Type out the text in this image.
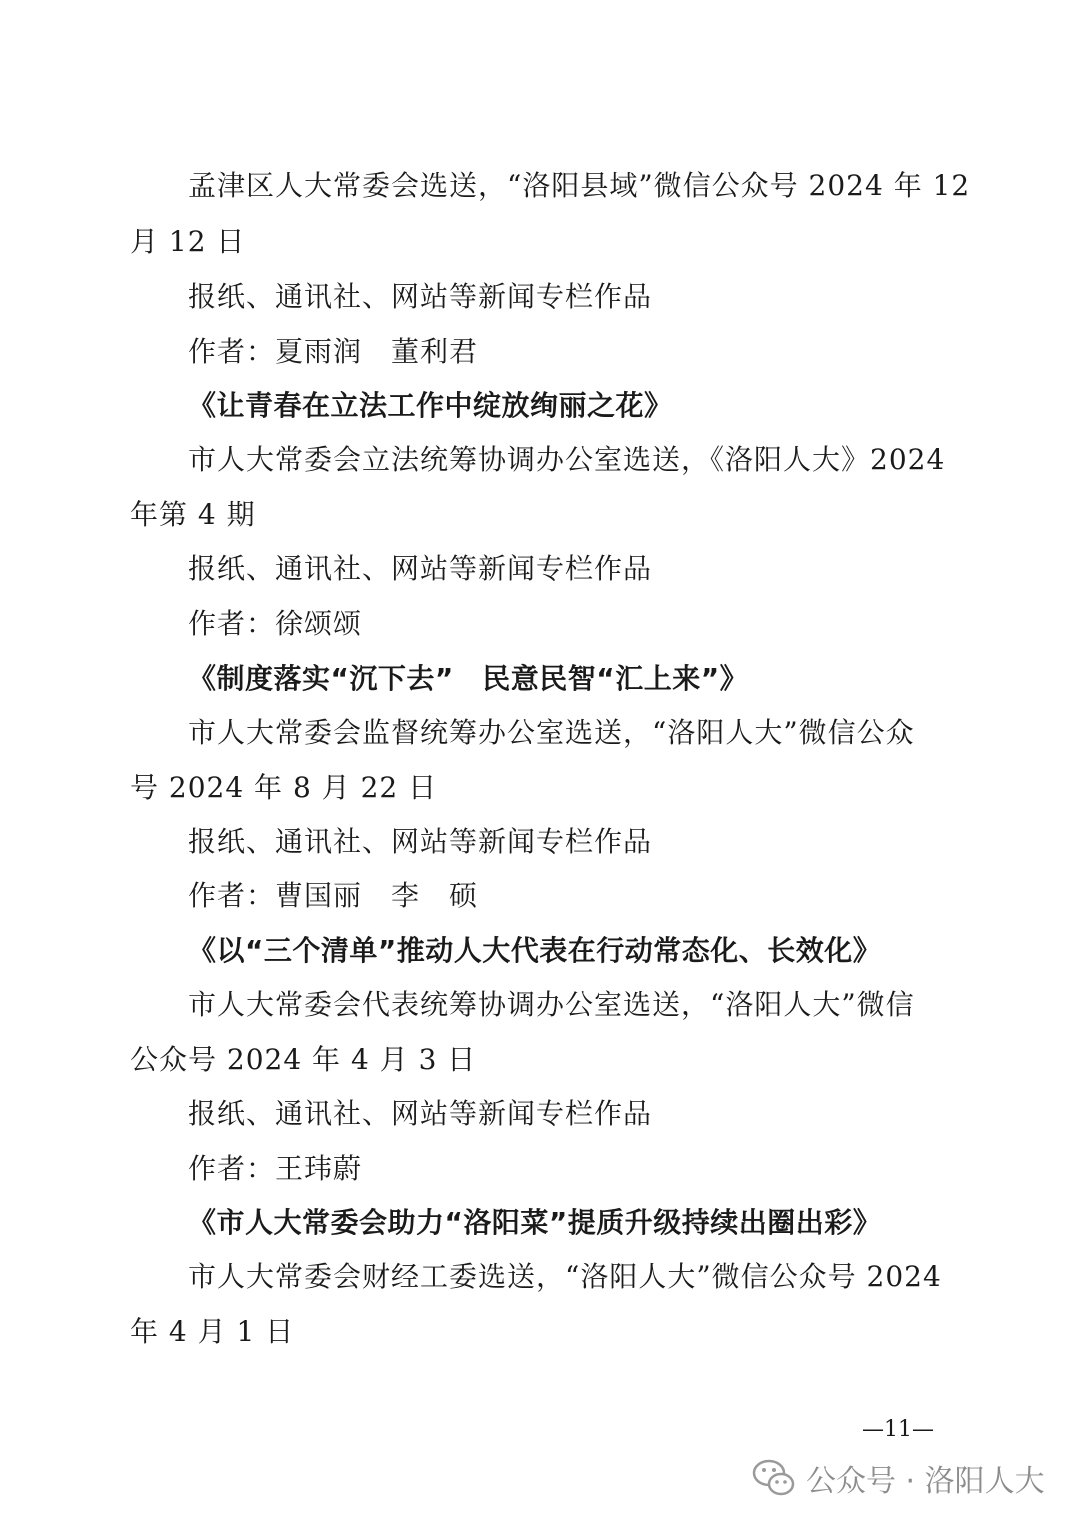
孟津区人大常委会选送，“洛阳县域”微信公众号 2024 年 12
月 12 日
报纸、通讯社、网站等新闻专栏作品
作者：夏雨润　董利君
《让青春在立法工作中绽放绚丽之花》
市人大常委会立法统筹协调办公室选送，《洛阳人大》2024
年第 4 期
报纸、通讯社、网站等新闻专栏作品
作者：徐颂颂
《制度落实“沉下去”　民意民智“汇上来”》
市人大常委会监督统筹办公室选送，“洛阳人大”微信公众
号 2024 年 8 月 22 日
报纸、通讯社、网站等新闻专栏作品
作者：曹国丽　李　硕
《以“三个清单”推动人大代表在行动常态化、长效化》
市人大常委会代表统筹协调办公室选送，“洛阳人大”微信
公众号 2024 年 4 月 3 日
报纸、通讯社、网站等新闻专栏作品
作者：王玮蔚
《市人大常委会助力“洛阳菜”提质升级持续出圈出彩》
市人大常委会财经工委选送，“洛阳人大”微信公众号 2024
年 4 月 1 日
—11—
公众号 · 洛阳人大
